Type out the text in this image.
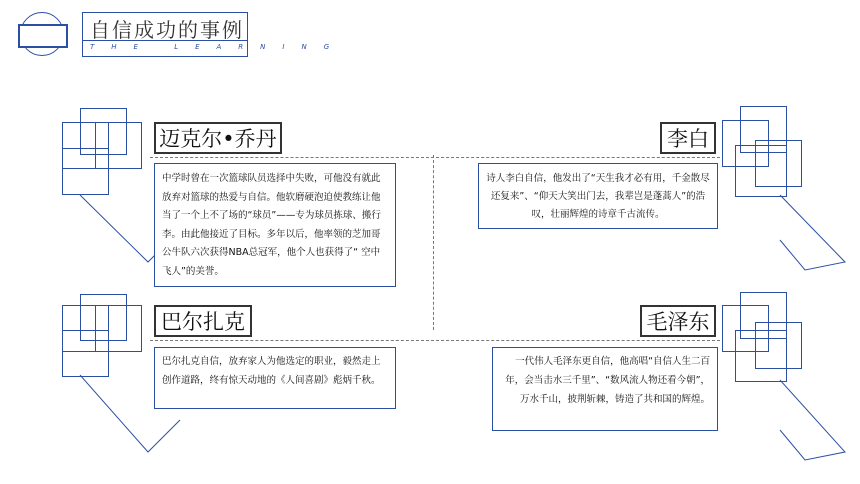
自信成功的事例
THE LEARNING
迈克尔•乔丹
中学时曾在一次篮球队员选择中失败，可他没有就此放弃对篮球的热爱与自信。他软磨硬泡迫使教练让他当了一个上不了场的“球员”——专为球员拣球、搬行李。由此他接近了目标。多年以后，他率领的芝加哥公牛队六次获得NBA总冠军，他个人也获得了“ 空中飞人”的美誉。
李白
诗人李白自信，他发出了“天生我才必有用，千金散尽还复来”、“仰天大笑出门去，我辈岂是蓬蒿人”的浩叹，壮丽辉煌的诗章千古流传。
巴尔扎克
巴尔扎克自信，放弃家人为他选定的职业，毅然走上创作道路，终有惊天动地的《人间喜剧》彪炳千秋。
毛泽东
一代伟人毛泽东更自信，他高唱“自信人生二百年，会当击水三千里”、“数风流人物还看今朝”，万水千山，披荆斩棘，铸造了共和国的辉煌。
